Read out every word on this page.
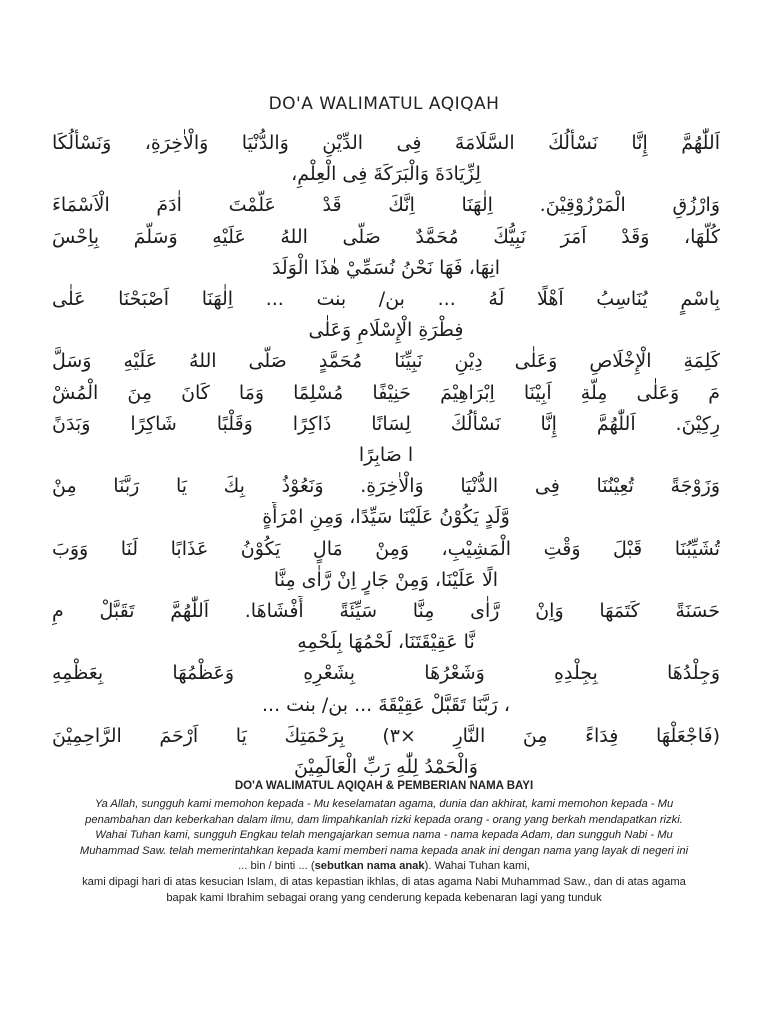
DO'A WALIMATUL AQIQAH
اَللّٰهُمَّ إِنَّا نَسْأَلُكَ السَّلَامَةَ فِى الدِّيْنِ وَالدُّنْيَا وَالْاٰخِرَةِ، وَنَسْأَلُكَا
لِزِّيَادَةَ وَالْبَرَكَةَ فِى الْعِلْمِ،
وَارْزُقِ الْمَرْزُوْقِيْنَ. اِلٰهَنَا اِنَّكَ قَدْ عَلَّمْتَ اٰدَمَ الْاَسْمَاءَ
كُلَّهَا، وَقَدْ اَمَرَ نَبِيُّكَ مُحَمَّدٌ صَلَّى اللهُ عَلَيْهِ وَسَلَّمَ بِاِحْسَ
انِهَا، فَهَا نَحْنُ نُسَمِّيْ هٰذَا الْوَلَدَ
بِاسْمٍ يُنَاسِبُ اَهْلًا لَهُ ... بن/ بنت ... اِلٰهَنَا اَصْبَحْنَا عَلٰى
فِطْرَةِ الْإِسْلَامِ وَعَلٰى
كَلِمَةِ الْإِخْلَاصِ وَعَلٰى دِيْنِ نَبِيِّنَا مُحَمَّدٍ صَلَّى اللهُ عَلَيْهِ وَسَلَّ
مَ وَعَلٰى مِلَّةِ اَبِيْنَا اِبْرَاهِيْمَ حَنِيْفًا مُسْلِمًا وَمَا كَانَ مِنَ الْمُشْ
رِكِيْنَ. اَللّٰهُمَّ إِنَّا نَسْأَلُكَ لِسَانًا ذَاكِرًا وَقَلْبًا شَاكِرًا وَبَدَنً
ا صَابِرًا
وَزَوْجَةً تُعِيْنُنَا فِى الدُّنْيَا وَالْاٰخِرَةِ. وَنَعُوْذُ بِكَ يَا رَبَّنَا مِنْ
وَّلَدٍ يَكُوْنُ عَلَيْنَا سَيِّدًا، وَمِنِ امْرَأَةٍ
تُشَيِّبُنَا قَبْلَ وَقْتِ الْمَشِيْبِ، وَمِنْ مَالٍ يَكُوْنُ عَذَابًا لَنَا وَوَبَ
الًا عَلَيْنَا، وَمِنْ جَارٍ اِنْ رَّاٰى مِنَّا
حَسَنَةً كَتَمَهَا وَاِنْ رَّاٰى مِنَّا سَيِّئَةً أَفْشَاهَا. اَللّٰهُمَّ تَقَبَّلْ مِ
نَّا عَقِيْقَتَنَا، لَحْمُهَا بِلَحْمِهِ
وَجِلْدُهَا بِجِلْدِهِ وَشَعْرُهَا بِشَعْرِهِ وَعَظْمُهَا بِعَظْمِهِ
، رَبَّنَا تَقَبَّلْ عَقِيْقَةَ ... بن/ بنت ...
(فَاجْعَلْهَا فِدَاءً مِنَ النَّارِ ×٣) بِرَحْمَتِكَ يَا اَرْحَمَ الرَّاحِمِيْنَ
وَالْحَمْدُ لِلّٰهِ رَبِّ الْعَالَمِيْنَ
DO'A WALIMATUL AQIQAH & PEMBERIAN NAMA BAYI
Ya Allah, sungguh kami memohon kepada - Mu keselamatan agama, dunia dan akhirat, kami memohon kepada - Mu penambahan dan keberkahan dalam ilmu, dam limpahkanlah rizki kepada orang - orang yang berkah mendapatkan rizki. Wahai Tuhan kami, sungguh Engkau telah mengajarkan semua nama - nama kepada Adam, dan sungguh Nabi - Mu Muhammad Saw. telah memerintahkan kepada kami memberi nama kepada anak ini dengan nama yang layak di negeri ini
... bin / binti ... (sebutkan nama anak). Wahai Tuhan kami,
kami dipagi hari di atas kesucian Islam, di atas kepastian ikhlas, di atas agama Nabi Muhammad Saw., dan di atas agama bapak kami Ibrahim sebagai orang yang cenderung kepada kebenaran lagi yang tunduk
